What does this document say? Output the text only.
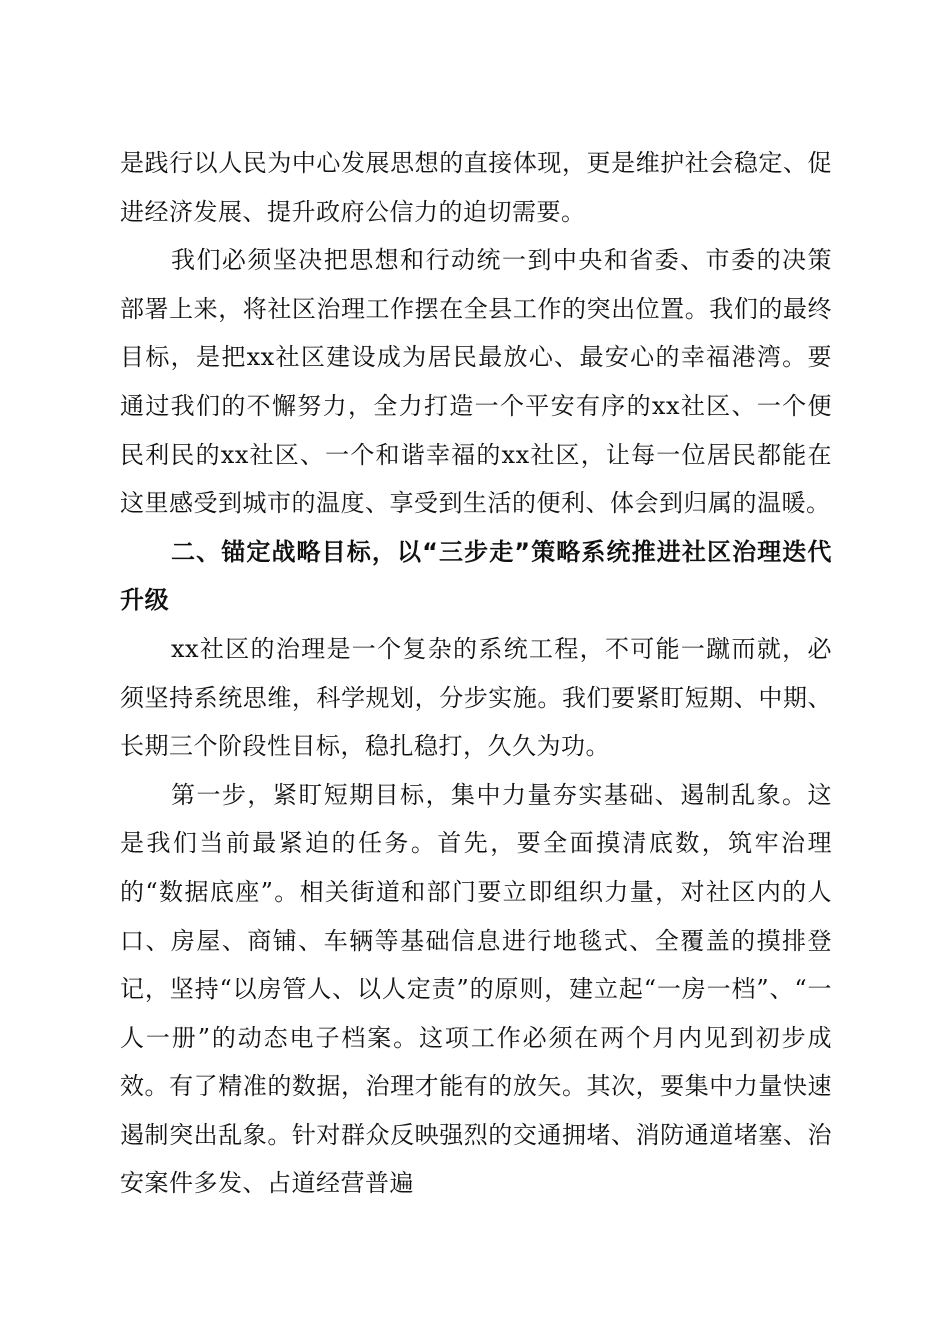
是践行以人民为中心发展思想的直接体现，更是维护社会稳定、促进经济发展、提升政府公信力的迫切需要。

我们必须坚决把思想和行动统一到中央和省委、市委的决策部署上来，将社区治理工作摆在全县工作的突出位置。我们的最终目标，是把xx社区建设成为居民最放心、最安心的幸福港湾。要通过我们的不懈努力，全力打造一个平安有序的xx社区、一个便民利民的xx社区、一个和谐幸福的xx社区，让每一位居民都能在这里感受到城市的温度、享受到生活的便利、体会到归属的温暖。

二、锚定战略目标，以“三步走”策略系统推进社区治理迭代升级

xx社区的治理是一个复杂的系统工程，不可能一蹴而就，必须坚持系统思维，科学规划，分步实施。我们要紧盯短期、中期、长期三个阶段性目标，稳扎稳打，久久为功。

第一步，紧盯短期目标，集中力量夯实基础、遏制乱象。这是我们当前最紧迫的任务。首先，要全面摸清底数，筑牢治理的“数据底座”。相关街道和部门要立即组织力量，对社区内的人口、房屋、商铺、车辆等基础信息进行地毯式、全覆盖的摸排登记，坚持“以房管人、以人定责”的原则，建立起“一房一档”、“一人一册”的动态电子档案。这项工作必须在两个月内见到初步成效。有了精准的数据，治理才能有的放矢。其次，要集中力量快速遏制突出乱象。针对群众反映强烈的交通拥堵、消防通道堵塞、治安案件多发、占道经营普遍
